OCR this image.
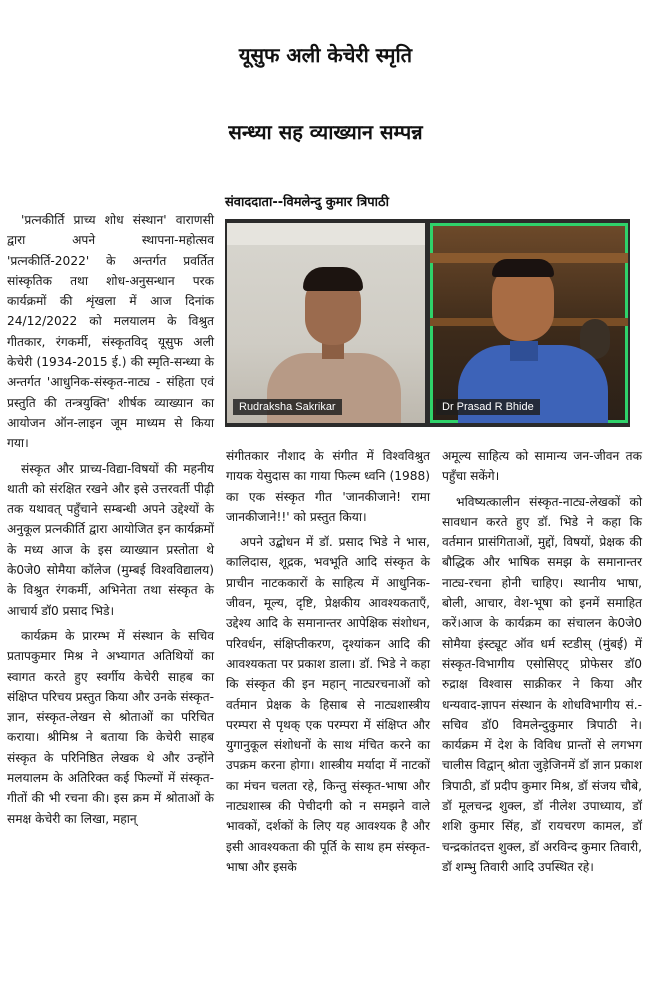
यूसुफ अली केचेरी स्मृति
सन्ध्या सह व्याख्यान सम्पन्न
संवाददाता--विमलेन्दु कुमार त्रिपाठी
Rudraksha Sakrikar	Dr Prasad R Bhide

'प्रत्नकीर्ति प्राच्य शोध संस्थान' वाराणसी द्वारा अपने स्थापना-महोत्सव 'प्रत्नकीर्ति-2022' के अन्तर्गत प्रवर्तित सांस्कृतिक तथा शोध-अनुसन्धान परक कार्यक्रमों की शृंखला में आज दिनांक 24/12/2022 को मलयालम के विश्रुत गीतकार, रंगकर्मी, संस्कृतविद् यूसुफ अली केचेरी (1934-2015 ई.) की स्मृति-सन्ध्या के अन्तर्गत 'आधुनिक-संस्कृत-नाट्य - संहिता एवं प्रस्तुति की तन्त्रयुक्ति' शीर्षक व्याख्यान का आयोजन ऑन-लाइन जूम माध्यम से किया गया।

संस्कृत और प्राच्य-विद्या-विषयों की महनीय थाती को संरक्षित रखने और इसे उत्तरवर्ती पीढ़ी तक यथावत् पहुँचाने सम्बन्धी अपने उद्देश्यों के अनुकूल प्रत्नकीर्ति द्वारा आयोजित इन कार्यक्रमों के मध्य आज के इस व्याख्यान प्रस्तोता थे के0जे0 सोमैया कॉलेज (मुम्बई विश्वविद्यालय) के विश्रुत रंगकर्मी, अभिनेता तथा संस्कृत के आचार्य डॉ0 प्रसाद भिडे।

कार्यक्रम के प्रारम्भ में संस्थान के सचिव प्रतापकुमार मिश्र ने अभ्यागत अतिथियों का स्वागत करते हुए स्वर्गीय केचेरी साहब का संक्षिप्त परिचय प्रस्तुत किया और उनके संस्कृत-ज्ञान, संस्कृत-लेखन से श्रोताओं का परिचित कराया। श्रीमिश्र ने बताया कि केचेरी साहब संस्कृत के परिनिष्ठित लेखक थे और उन्होंने मलयालम के अतिरिक्त कई फिल्मों में संस्कृत-गीतों की भी रचना की। इस क्रम में श्रोताओं के समक्ष केचेरी का लिखा, महान्

संगीतकार नौशाद के संगीत में विश्वविश्रुत गायक येसुदास का गाया फिल्म ध्वनि (1988) का एक संस्कृत गीत 'जानकीजाने! रामा जानकीजाने!!' को प्रस्तुत किया।

अपने उद्बोधन में डॉ. प्रसाद भिडे ने भास, कालिदास, शूद्रक, भवभूति आदि संस्कृत के प्राचीन नाटककारों के साहित्य में आधुनिक-जीवन, मूल्य, दृष्टि, प्रेक्षकीय आवश्यकताएँ, उद्देश्य आदि के समानान्तर आपेक्षिक संशोधन, परिवर्धन, संक्षिप्तीकरण, दृश्यांकन आदि की आवश्यकता पर प्रकाश डाला। डॉ. भिडे ने कहा कि संस्कृत की इन महान् नाट्यरचनाओं को वर्तमान प्रेक्षक के हिसाब से नाट्यशास्त्रीय परम्परा से पृथक् एक परम्परा में संक्षिप्त और युगानुकूल संशोधनों के साथ मंचित करने का उपक्रम करना होगा। शास्त्रीय मर्यादा में नाटकों का मंचन चलता रहे, किन्तु संस्कृत-भाषा और नाट्यशास्त्र की पेचीदगी को न समझने वाले भावकों, दर्शकों के लिए यह आवश्यक है और इसी आवश्यकता की पूर्ति के साथ हम संस्कृत-भाषा और इसके

अमूल्य साहित्य को सामान्य जन-जीवन तक पहुँचा सकेंगे।

भविष्यत्कालीन संस्कृत-नाट्य-लेखकों को सावधान करते हुए डॉ. भिडे ने कहा कि वर्तमान प्रासंगिताओं, मुद्दों, विषयों, प्रेक्षक की बौद्धिक और भाषिक समझ के समानान्तर नाट्य-रचना होनी चाहिए। स्थानीय भाषा, बोली, आचार, वेश-भूषा को इनमें समाहित करें।आज के कार्यक्रम का संचालन के0जे0 सोमैया इंस्ट्यूट ऑव धर्म स्टडीस् (मुंबई) में संस्कृत-विभागीय एसोसिएट् प्रोफेसर डॉ0 रुद्राक्ष विश्वास साक्रीकर ने किया और धन्यवाद-ज्ञापन संस्थान के शोधविभागीय सं.-सचिव डॉ0 विमलेन्दुकुमार त्रिपाठी ने। कार्यक्रम में देश के विविध प्रान्तों से लगभग चालीस विद्वान् श्रोता जुड़ेजिनमें डॉ ज्ञान प्रकाश त्रिपाठी, डॉ प्रदीप कुमार मिश्र, डॉ संजय चौबे, डॉ मूलचन्द्र शुक्ल, डॉ नीलेश उपाध्याय, डॉ शशि कुमार सिंह, डॉ रायचरण कामल, डॉ चन्द्रकांतदत्त शुक्ल, डॉ अरविन्द कुमार तिवारी, डॉ शम्भु तिवारी आदि उपस्थित रहे।
